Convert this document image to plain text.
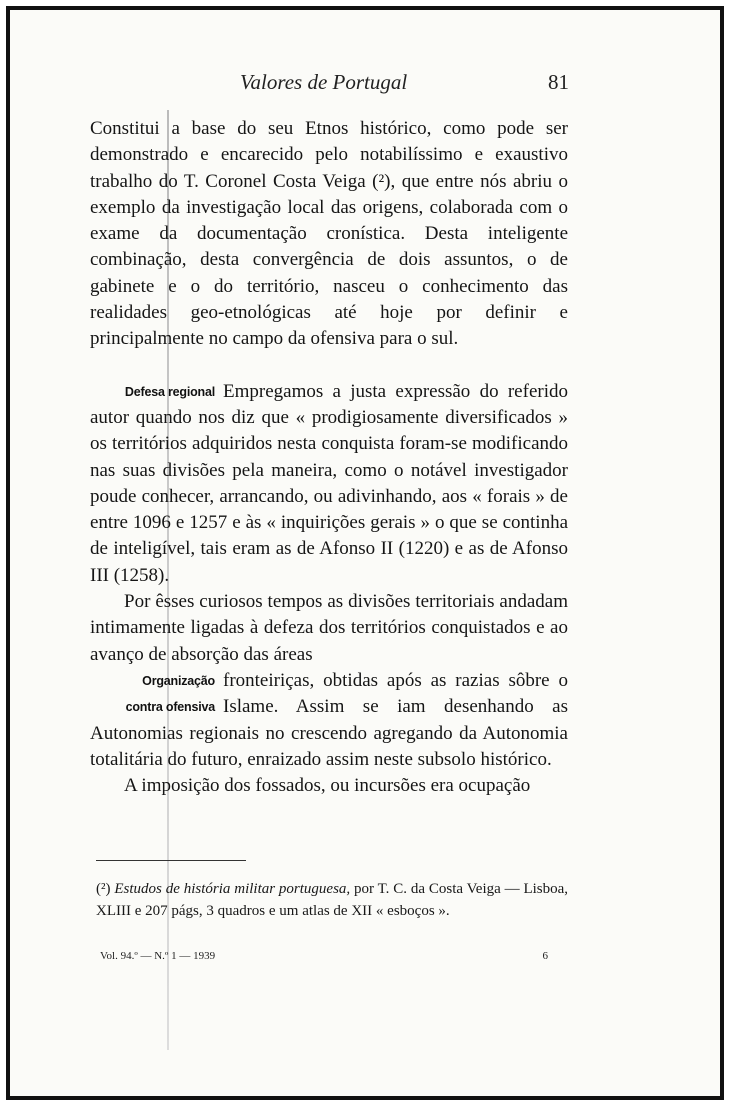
Valores de Portugal	81

Constitui a base do seu Etnos histórico, como pode ser demonstrado e encarecido pelo notabilíssimo e exaustivo trabalho do T. Coronel Costa Veiga (²), que entre nós abriu o exemplo da investigação local das origens, colaborada com o exame da documentação cronística. Desta inteligente combinação, desta convergência de dois assuntos, o de gabinete e o do território, nasceu o conhecimento das realidades geo-etnológicas até hoje por definir e principalmente no campo da ofensiva para o sul.

Defesa regional Empregamos a justa expressão do referido autor quando nos diz que « prodigiosamente diversificados » os territórios adquiridos nesta conquista foram-se modificando nas suas divisões pela maneira, como o notável investigador poude conhecer, arrancando, ou adivinhando, aos « forais » de entre 1096 e 1257 e às « inquirições gerais » o que se continha de inteligível, tais eram as de Afonso II (1220) e as de Afonso III (1258).

Por êsses curiosos tempos as divisões territoriais andadam intimamente ligadas à defeza dos territórios conquistados e ao avanço de absorção das áreas

Organização
contra ofensiva

fronteiriças, obtidas após as razias sôbre o Islame. Assim se iam desenhando as Autonomias regionais no crescendo agregando da Autonomia totalitária do futuro, enraizado assim neste subsolo histórico.

A imposição dos fossados, ou incursões era ocupação

(²) Estudos de história militar portuguesa, por T. C. da Costa Veiga — Lisboa, XLIII e 207 págs, 3 quadros e um atlas de XII « esboços ».
Vol. 94.º — N.º 1 — 1939	6
